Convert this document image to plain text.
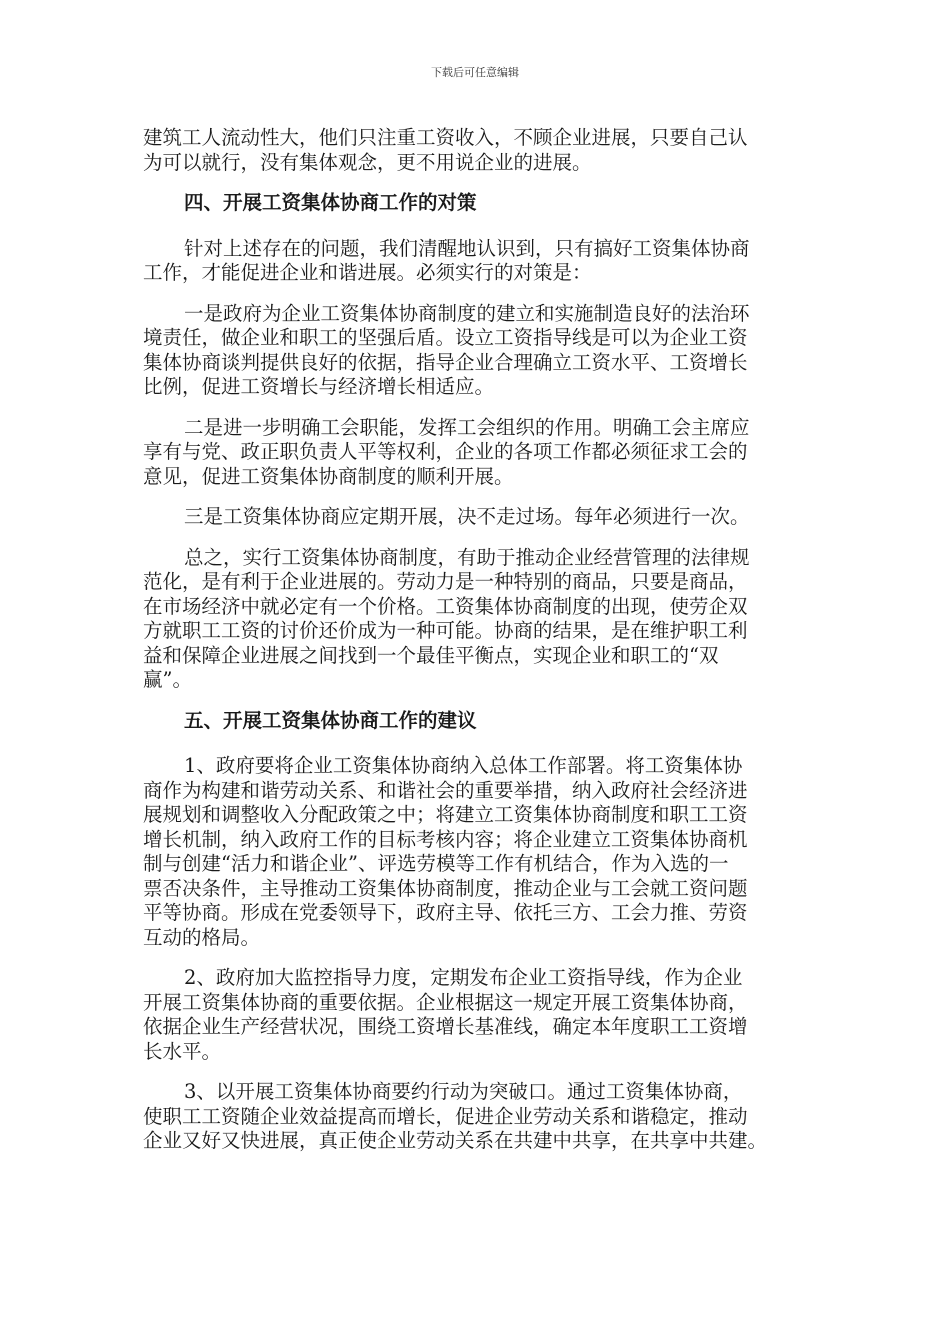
下载后可任意编辑

建筑工人流动性大，他们只注重工资收入，不顾企业进展，只要自己认
为可以就行，没有集体观念，更不用说企业的进展。

四、开展工资集体协商工作的对策

针对上述存在的问题，我们清醒地认识到，只有搞好工资集体协商
工作，才能促进企业和谐进展。必须实行的对策是：

一是政府为企业工资集体协商制度的建立和实施制造良好的法治环
境责任，做企业和职工的坚强后盾。设立工资指导线是可以为企业工资
集体协商谈判提供良好的依据，指导企业合理确立工资水平、工资增长
比例，促进工资增长与经济增长相适应。

二是进一步明确工会职能，发挥工会组织的作用。明确工会主席应
享有与党、政正职负责人平等权利，企业的各项工作都必须征求工会的
意见，促进工资集体协商制度的顺利开展。

三是工资集体协商应定期开展，决不走过场。每年必须进行一次。

总之，实行工资集体协商制度，有助于推动企业经营管理的法律规
范化，是有利于企业进展的。劳动力是一种特别的商品，只要是商品，
在市场经济中就必定有一个价格。工资集体协商制度的出现，使劳企双
方就职工工资的讨价还价成为一种可能。协商的结果，是在维护职工利
益和保障企业进展之间找到一个最佳平衡点，实现企业和职工的“双
赢”。

五、开展工资集体协商工作的建议

1、政府要将企业工资集体协商纳入总体工作部署。将工资集体协
商作为构建和谐劳动关系、和谐社会的重要举措，纳入政府社会经济进
展规划和调整收入分配政策之中；将建立工资集体协商制度和职工工资
增长机制，纳入政府工作的目标考核内容；将企业建立工资集体协商机
制与创建“活力和谐企业”、评选劳模等工作有机结合，作为入选的一
票否决条件，主导推动工资集体协商制度，推动企业与工会就工资问题
平等协商。形成在党委领导下，政府主导、依托三方、工会力推、劳资
互动的格局。

2、政府加大监控指导力度，定期发布企业工资指导线，作为企业
开展工资集体协商的重要依据。企业根据这一规定开展工资集体协商，
依据企业生产经营状况，围绕工资增长基准线，确定本年度职工工资增
长水平。

3、以开展工资集体协商要约行动为突破口。通过工资集体协商，
使职工工资随企业效益提高而增长，促进企业劳动关系和谐稳定，推动
企业又好又快进展，真正使企业劳动关系在共建中共享，在共享中共建。
